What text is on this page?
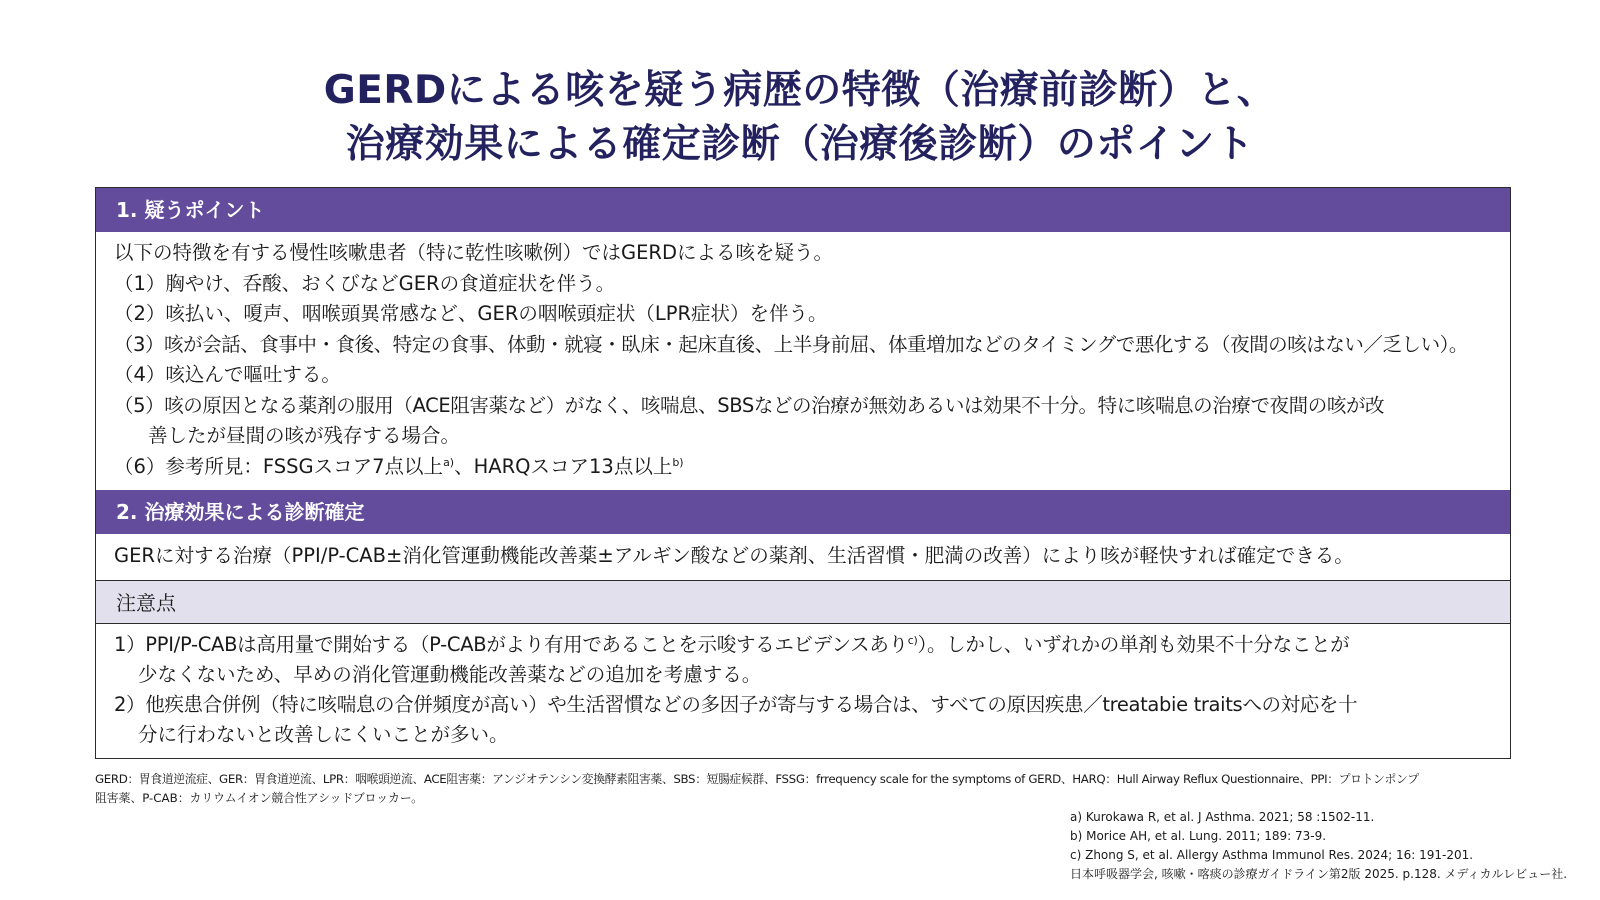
GERDによる咳を疑う病歴の特徴（治療前診断）と、
治療効果による確定診断（治療後診断）のポイント
1. 疑うポイント
以下の特徴を有する慢性咳嗽患者（特に乾性咳嗽例）ではGERDによる咳を疑う。
（1）胸やけ、呑酸、おくびなどGERの食道症状を伴う。
（2）咳払い、嗄声、咽喉頭異常感など、GERの咽喉頭症状（LPR症状）を伴う。
（3）咳が会話、食事中・食後、特定の食事、体動・就寝・臥床・起床直後、上半身前屈、体重増加などのタイミングで悪化する（夜間の咳はない／乏しい）。
（4）咳込んで嘔吐する。
（5）咳の原因となる薬剤の服用（ACE阻害薬など）がなく、咳喘息、SBSなどの治療が無効あるいは効果不十分。特に咳喘息の治療で夜間の咳が改
善したが昼間の咳が残存する場合。
（6）参考所見：FSSGスコア7点以上$^{a)}$、HARQスコア13点以上$^{b)}$
2. 治療効果による診断確定
GERに対する治療（PPI/P-CAB±消化管運動機能改善薬±アルギン酸などの薬剤、生活習慣・肥満の改善）により咳が軽快すれば確定できる。
注意点
1）PPI/P-CABは高用量で開始する（P-CABがより有用であることを示唆するエビデンスあり$^{c)}$）。しかし、いずれかの単剤も効果不十分なことが
少なくないため、早めの消化管運動機能改善薬などの追加を考慮する。
2）他疾患合併例（特に咳喘息の合併頻度が高い）や生活習慣などの多因子が寄与する場合は、すべての原因疾患／treatabie traitsへの対応を十
分に行わないと改善しにくいことが多い。
GERD：胃食道逆流症、GER：胃食道逆流、LPR：咽喉頭逆流、ACE阻害薬：アンジオテンシン変換酵素阻害薬、SBS：短腸症候群、FSSG：frrequency scale for the symptoms of GERD、HARQ：Hull Airway Reflux Questionnaire、PPI：プロトンポンプ
阻害薬、P-CAB：カリウムイオン競合性アシッドブロッカー。
a) Kurokawa R, et al. J Asthma. 2021; 58 :1502-11.
b) Morice AH, et al. Lung. 2011; 189: 73-9.
c) Zhong S, et al. Allergy Asthma Immunol Res. 2024; 16: 191-201.
日本呼吸器学会, 咳嗽・喀痰の診療ガイドライン第2版 2025. p.128. メディカルレビュー社.
